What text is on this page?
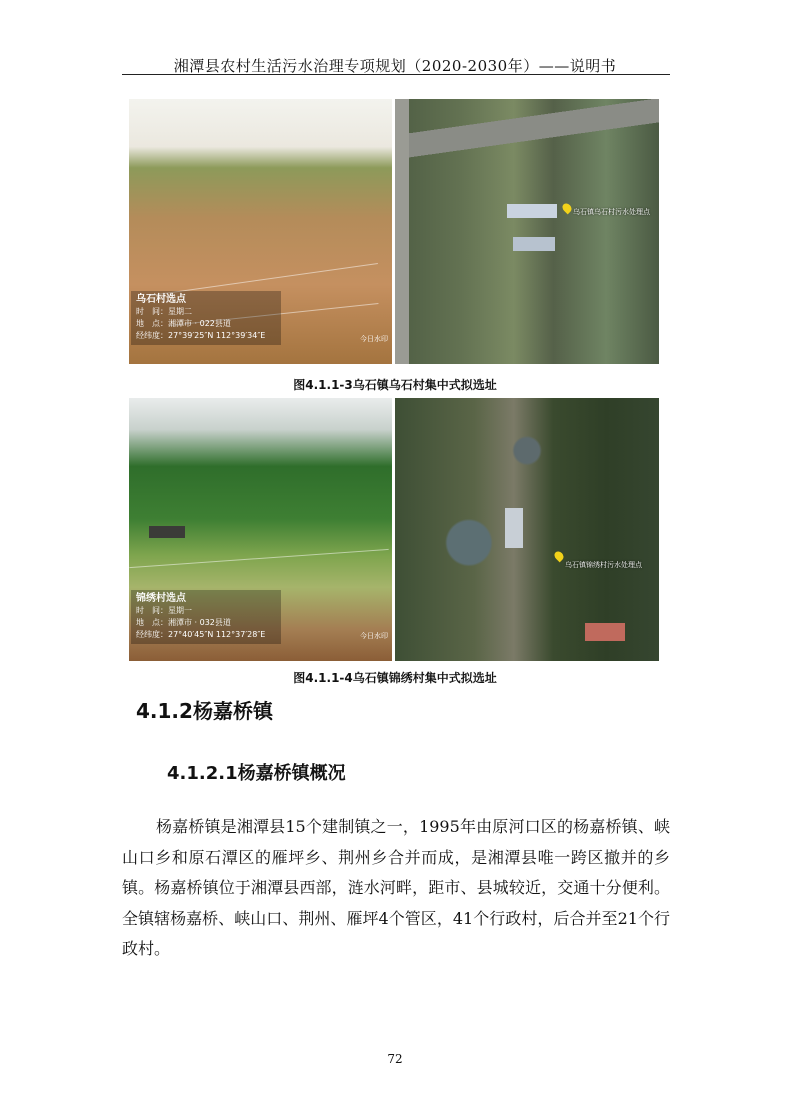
湘潭县农村生活污水治理专项规划（2020-2030年）——说明书
乌石村选点
时　间：星期二
地　点：湘潭市 · 022县道
经纬度：27°39′25″N 112°39′34″E	今日水印
乌石镇乌石村污水处理点
图4.1.1-3乌石镇乌石村集中式拟选址
锦绣村选点
时　间：星期一
地　点：湘潭市 · 032县道
经纬度：27°40′45″N 112°37′28″E	今日水印
乌石镇锦绣村污水处理点
图4.1.1-4乌石镇锦绣村集中式拟选址
4.1.2杨嘉桥镇
4.1.2.1杨嘉桥镇概况
杨嘉桥镇是湘潭县15个建制镇之一，1995年由原河口区的杨嘉桥镇、峡山口乡和原石潭区的雁坪乡、荆州乡合并而成，是湘潭县唯一跨区撤并的乡镇。杨嘉桥镇位于湘潭县西部，涟水河畔，距市、县城较近，交通十分便利。全镇辖杨嘉桥、峡山口、荆州、雁坪4个管区，41个行政村，后合并至21个行政村。
72
